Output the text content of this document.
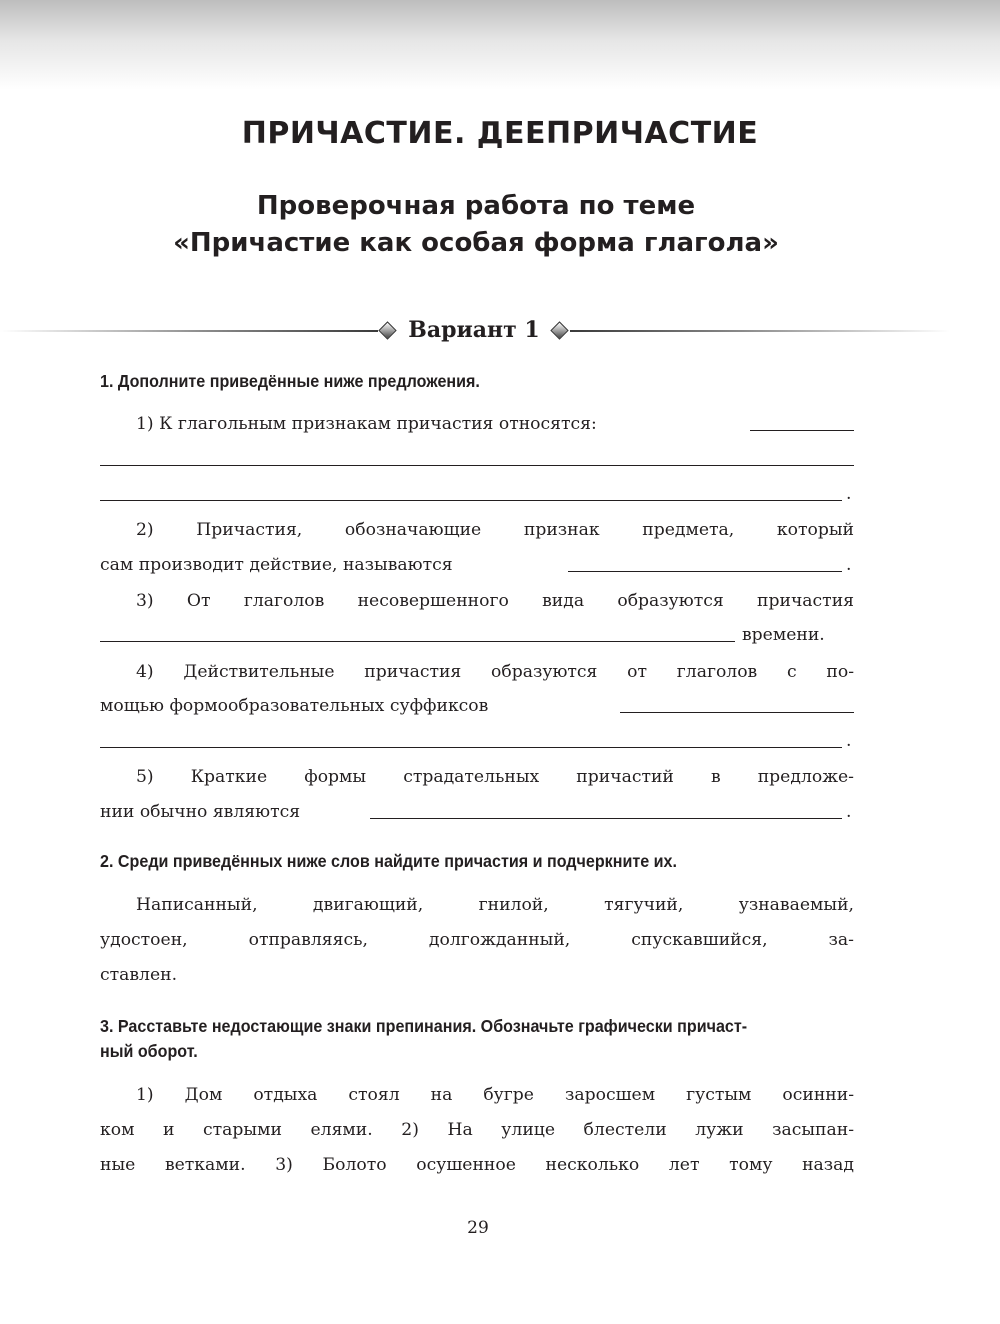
ПРИЧАСТИЕ. ДЕЕПРИЧАСТИЕ
Проверочная работа по теме
«Причастие как особая форма глагола»
Вариант 1
1. Дополните приведённые ниже предложения.
1) К глагольным признакам причастия относятся:
.
2) Причастия, обозначающие признак предмета, который
сам производит действие, называются	.
3) От глаголов несовершенного вида образуются причастия
времени.
4) Действительные причастия образуются от глаголов с по-
мощью формообразовательных суффиксов
.
5) Краткие формы страдательных причастий в предложе-
нии обычно являются	.
2. Среди приведённых ниже слов найдите причастия и подчеркните их.
Написанный, двигающий, гнилой, тягучий, узнаваемый,
удостоен, отправляясь, долгожданный, спускавшийся, за-
ставлен.
3. Расставьте недостающие знаки препинания. Обозначьте графически причаст-
ный оборот.
1) Дом отдыха стоял на бугре заросшем густым осинни-
ком и старыми елями. 2) На улице блестели лужи засыпан-
ные ветками. 3) Болото осушенное несколько лет тому назад
29
